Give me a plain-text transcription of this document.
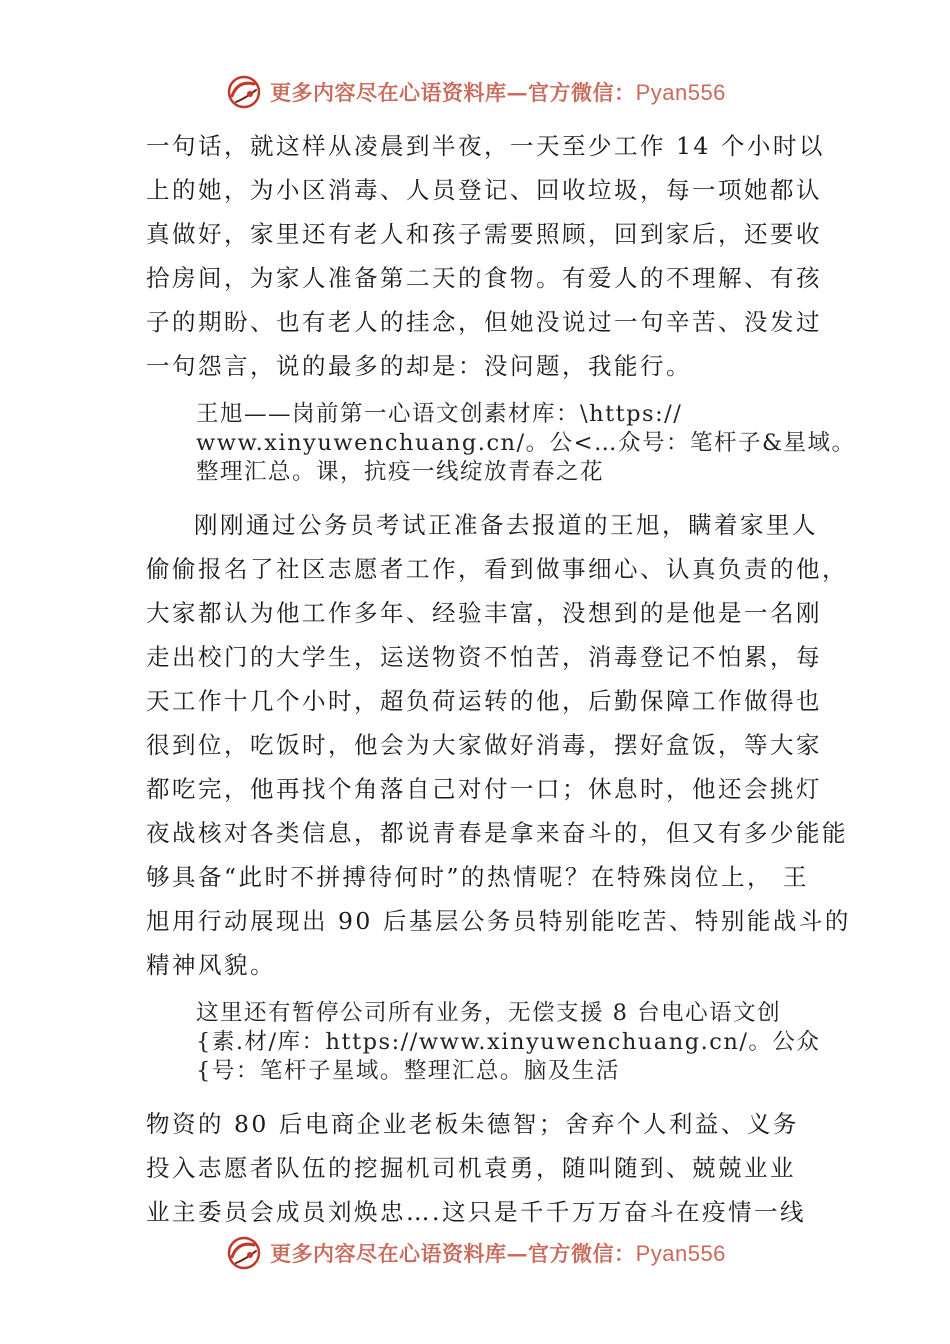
更多内容尽在心语资料库—官方微信：Pyan556

一句话，就这样从凌晨到半夜，一天至少工作 14 个小时以

上的她，为小区消毒、人员登记、回收垃圾，每一项她都认

真做好，家里还有老人和孩子需要照顾，回到家后，还要收

拾房间，为家人准备第二天的食物。有爱人的不理解、有孩

子的期盼、也有老人的挂念，但她没说过一句辛苦、没发过

一句怨言，说的最多的却是：没问题，我能行。

王旭——岗前第一心语文创素材库：\https://

www.xinyuwenchuang.cn/。公<…众号：笔杆子&星域。

整理汇总。课，抗疫一线绽放青春之花

刚刚通过公务员考试正准备去报道的王旭，瞒着家里人

偷偷报名了社区志愿者工作，看到做事细心、认真负责的他，

大家都认为他工作多年、经验丰富，没想到的是他是一名刚

走出校门的大学生，运送物资不怕苦，消毒登记不怕累，每

天工作十几个小时，超负荷运转的他，后勤保障工作做得也

很到位，吃饭时，他会为大家做好消毒，摆好盒饭，等大家

都吃完，他再找个角落自己对付一口；休息时，他还会挑灯

夜战核对各类信息，都说青春是拿来奋斗的，但又有多少能能

够具备“此时不拼搏待何时”的热情呢？在特殊岗位上， 王

旭用行动展现出 90 后基层公务员特别能吃苦、特别能战斗的

精神风貌。

这里还有暂停公司所有业务，无偿支援 8 台电心语文创

{素.材/库：https://www.xinyuwenchuang.cn/。公众

{号：笔杆子星域。整理汇总。脑及生活

物资的 80 后电商企业老板朱德智；舍弃个人利益、义务

投入志愿者队伍的挖掘机司机袁勇，随叫随到、兢兢业业

业主委员会成员刘焕忠….这只是千千万万奋斗在疫情一线

更多内容尽在心语资料库—官方微信：Pyan556
